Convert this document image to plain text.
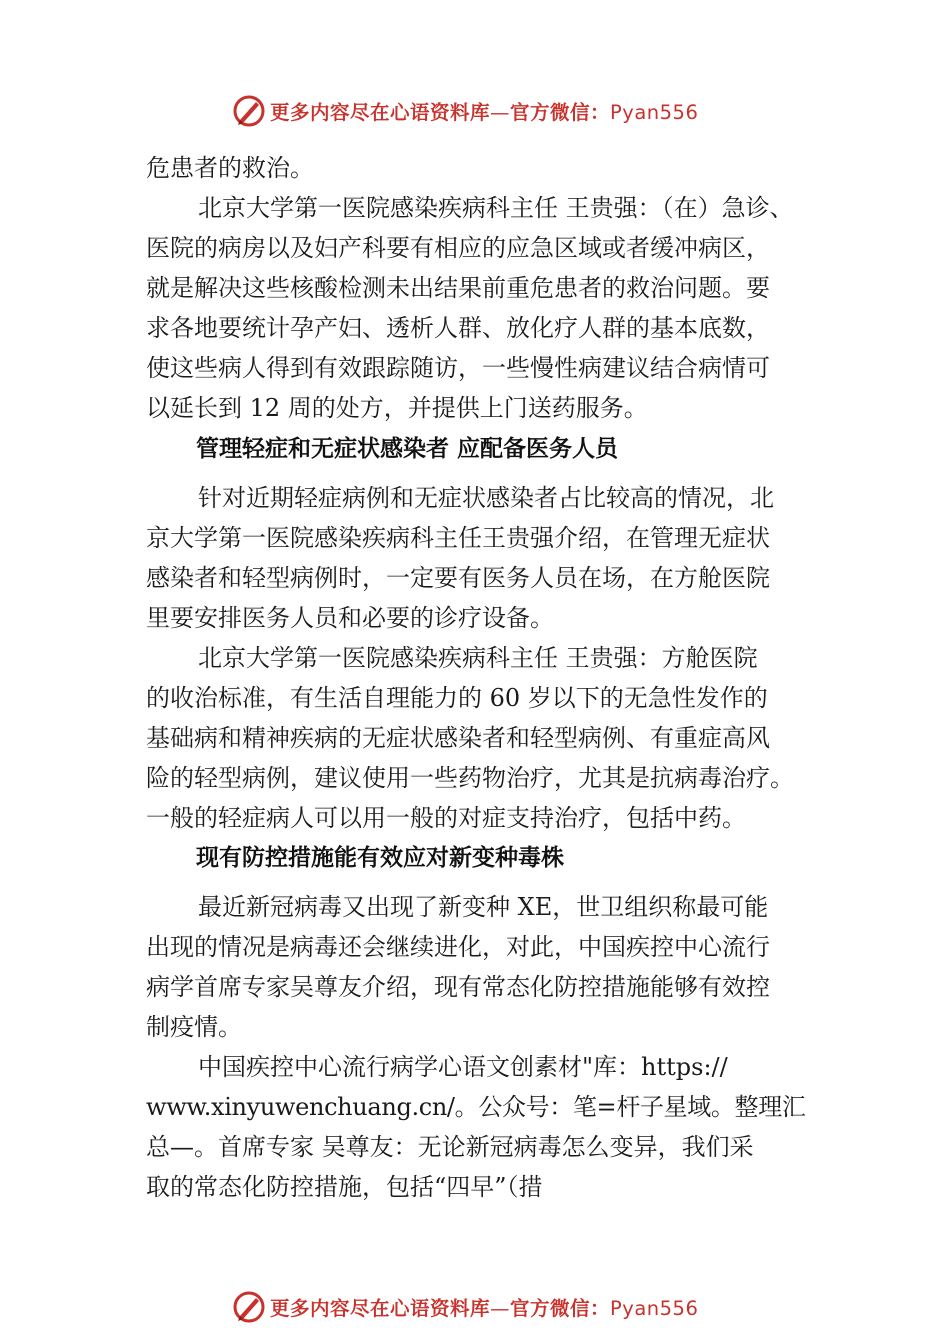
更多内容尽在心语资料库—官方微信：Pyan556
危患者的救治。
北京大学第一医院感染疾病科主任 王贵强：（在）急诊、
医院的病房以及妇产科要有相应的应急区域或者缓冲病区，
就是解决这些核酸检测未出结果前重危患者的救治问题。要
求各地要统计孕产妇、透析人群、放化疗人群的基本底数，
使这些病人得到有效跟踪随访，一些慢性病建议结合病情可
以延长到 12 周的处方，并提供上门送药服务。
管理轻症和无症状感染者 应配备医务人员
针对近期轻症病例和无症状感染者占比较高的情况，北
京大学第一医院感染疾病科主任王贵强介绍，在管理无症状
感染者和轻型病例时，一定要有医务人员在场，在方舱医院
里要安排医务人员和必要的诊疗设备。
北京大学第一医院感染疾病科主任 王贵强：方舱医院
的收治标准，有生活自理能力的 60 岁以下的无急性发作的
基础病和精神疾病的无症状感染者和轻型病例、有重症高风
险的轻型病例，建议使用一些药物治疗，尤其是抗病毒治疗。
一般的轻症病人可以用一般的对症支持治疗，包括中药。
现有防控措施能有效应对新变种毒株
最近新冠病毒又出现了新变种 XE，世卫组织称最可能
出现的情况是病毒还会继续进化，对此，中国疾控中心流行
病学首席专家吴尊友介绍，现有常态化防控措施能够有效控
制疫情。
中国疾控中心流行病学心语文创素材"库：https://
www.xinyuwenchuang.cn/。公众号：笔=杆子星域。整理汇
总—。首席专家 吴尊友：无论新冠病毒怎么变异，我们采
取的常态化防控措施，包括“四早”（措
更多内容尽在心语资料库—官方微信：Pyan556
